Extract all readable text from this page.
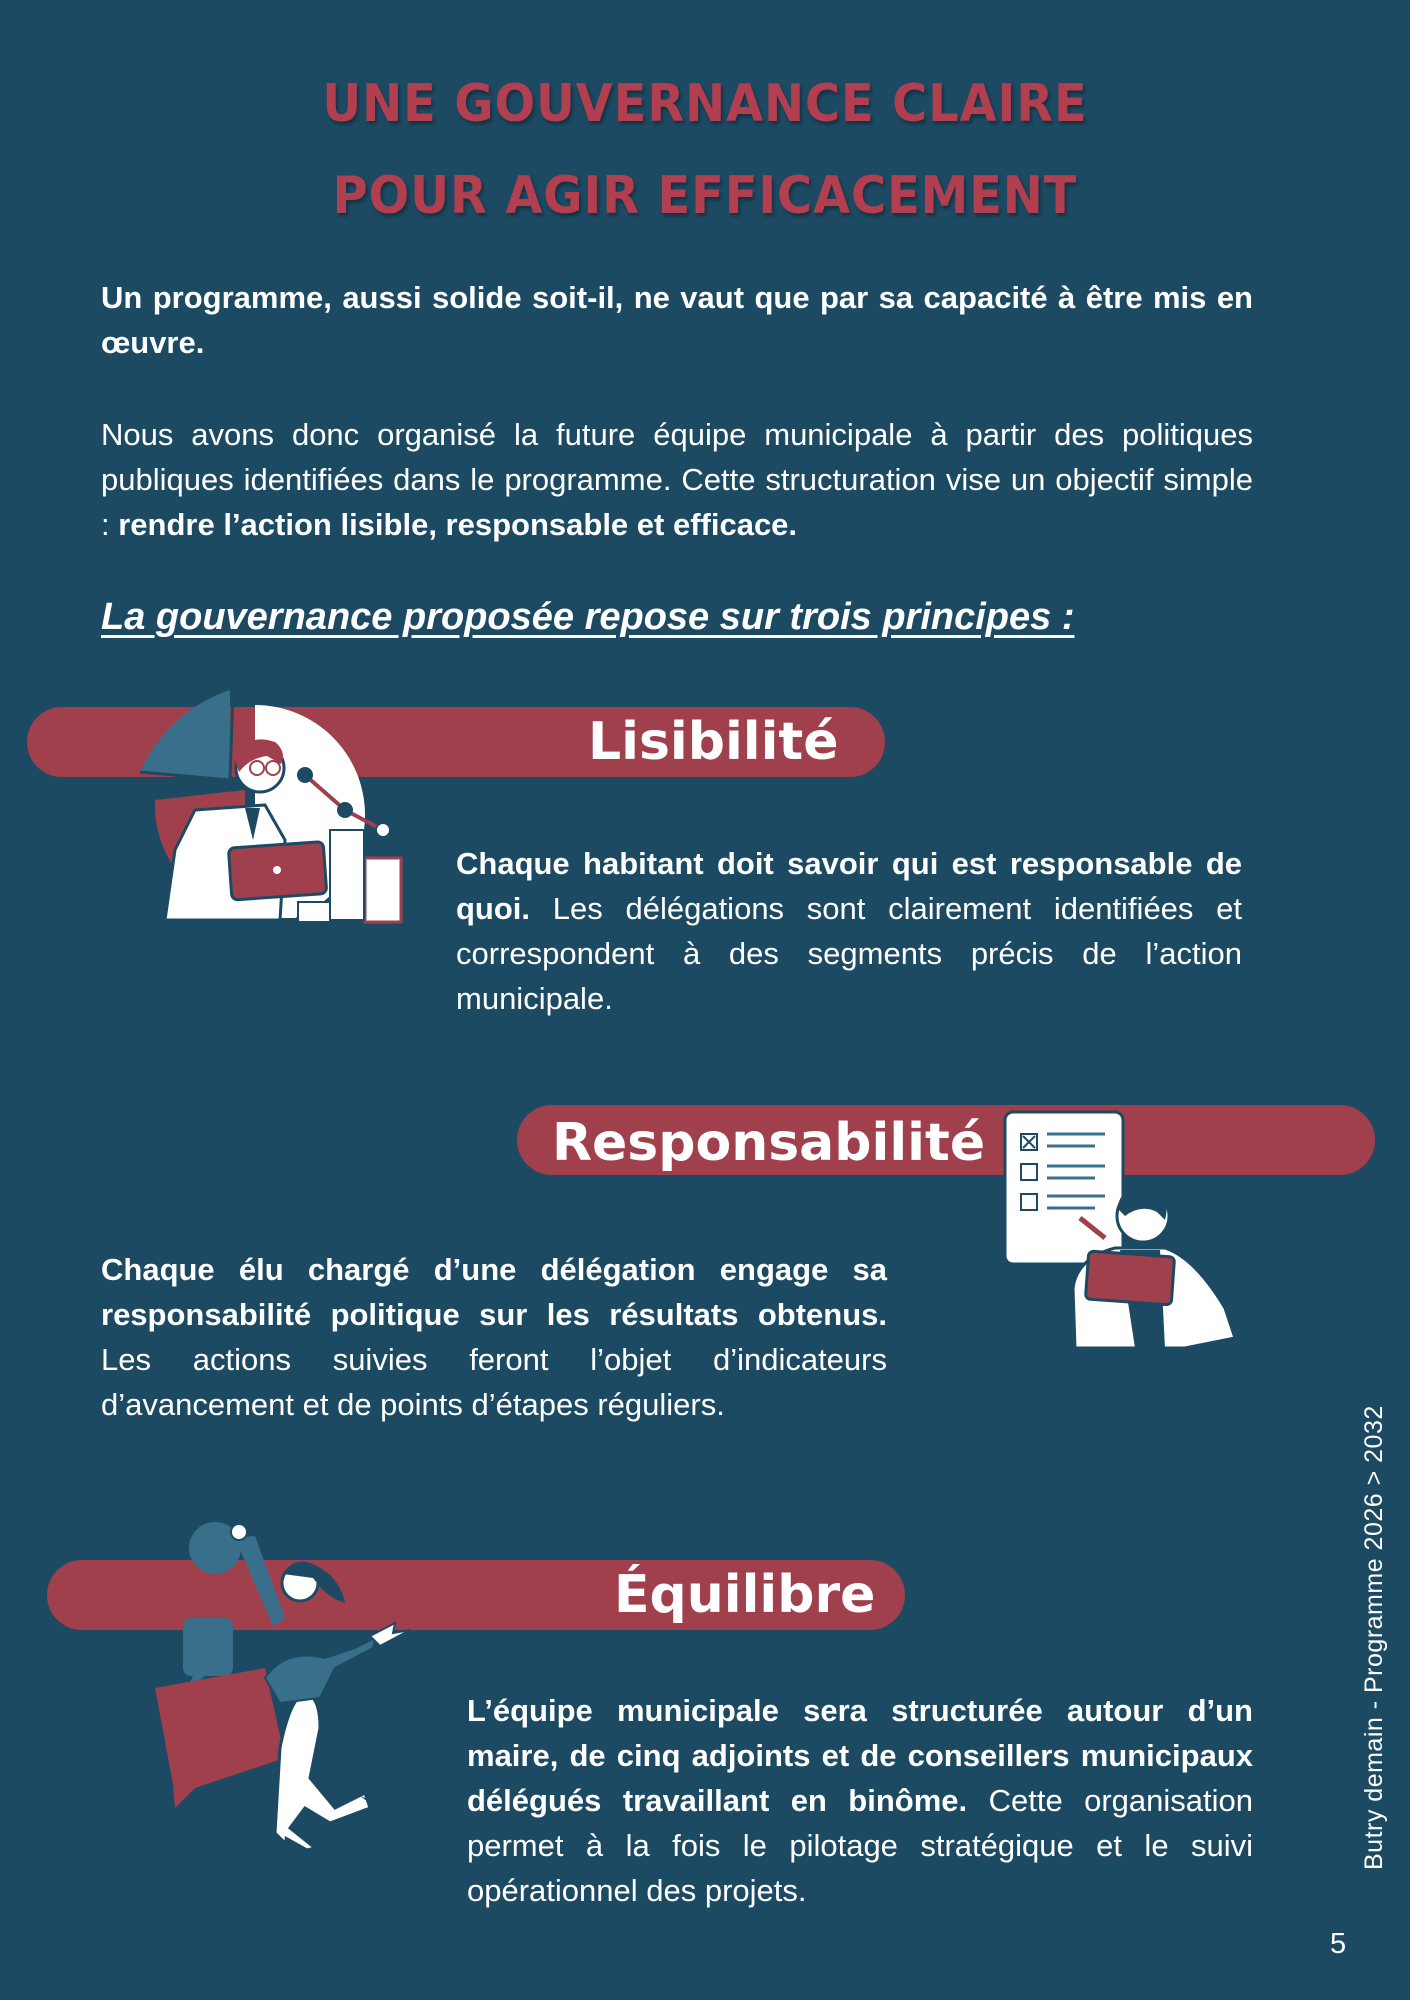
UNE GOUVERNANCE CLAIRE
POUR AGIR EFFICACEMENT

Un programme, aussi solide soit-il, ne vaut que par sa capacité à être mis en œuvre.

Nous avons donc organisé la future équipe municipale à partir des politiques publiques identifiées dans le programme. Cette structuration vise un objectif simple : rendre l’action lisible, responsable et efficace.

La gouvernance proposée repose sur trois principes :
Lisibilité

Chaque habitant doit savoir qui est responsable de quoi. Les délégations sont clairement identifiées et correspondent à des segments précis de l’action municipale.

Responsabilité

Chaque élu chargé d’une délégation engage sa responsabilité politique sur les résultats obtenus. Les actions suivies feront l’objet d’indicateurs d’avancement et de points d’étapes réguliers.

Équilibre

L’équipe municipale sera structurée autour d’un maire, de cinq adjoints et de conseillers municipaux délégués travaillant en binôme. Cette organisation permet à la fois le pilotage stratégique et le suivi opérationnel des projets.

Butry demain - Programme 2026 > 2032
5
